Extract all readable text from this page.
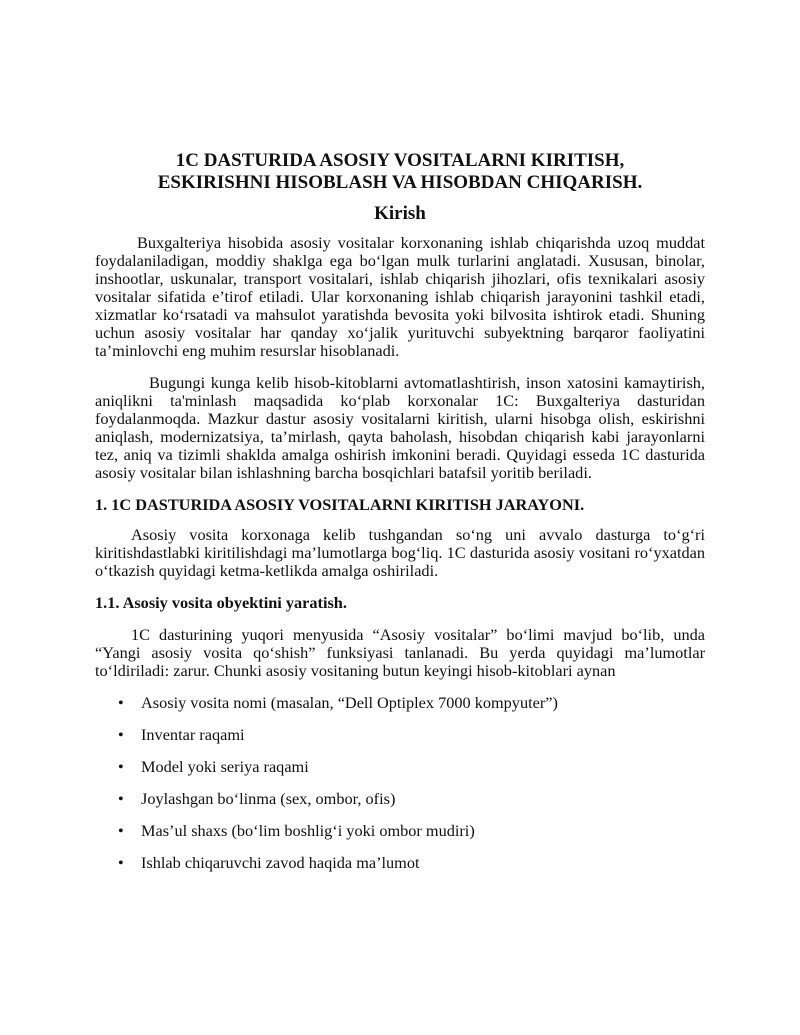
1C DASTURIDA ASOSIY VOSITALARNI KIRITISH,
ESKIRISHNI HISOBLASH VA HISOBDAN CHIQARISH.
Kirish

Buxgalteriya hisobida asosiy vositalar korxonaning ishlab chiqarishda uzoq muddat foydalaniladigan, moddiy shaklga ega bo‘lgan mulk turlarini anglatadi. Xususan, binolar, inshootlar, uskunalar, transport vositalari, ishlab chiqarish jihozlari, ofis texnikalari asosiy vositalar sifatida e’tirof etiladi. Ular korxonaning ishlab chiqarish jarayonini tashkil etadi, xizmatlar ko‘rsatadi va mahsulot yaratishda bevosita yoki bilvosita ishtirok etadi. Shuning uchun asosiy vositalar har qanday xo‘jalik yurituvchi subyektning barqaror faoliyatini ta’minlovchi eng muhim resurslar hisoblanadi.

Bugungi kunga kelib hisob-kitoblarni avtomatlashtirish, inson xatosini kamaytirish, aniqlikni ta'minlash maqsadida ko‘plab korxonalar 1C: Buxgalteriya dasturidan foydalanmoqda. Mazkur dastur asosiy vositalarni kiritish, ularni hisobga olish, eskirishni aniqlash, modernizatsiya, ta’mirlash, qayta baholash, hisobdan chiqarish kabi jarayonlarni tez, aniq va tizimli shaklda amalga oshirish imkonini beradi. Quyidagi esseda 1C dasturida asosiy vositalar bilan ishlashning barcha bosqichlari batafsil yoritib beriladi.

1. 1C DASTURIDA ASOSIY VOSITALARNI KIRITISH JARAYONI.

Asosiy vosita korxonaga kelib tushgandan so‘ng uni avvalo dasturga to‘g‘ri kiritishdastlabki kiritilishdagi ma’lumotlarga bog‘liq. 1C dasturida asosiy vositani ro‘yxatdan o‘tkazish quyidagi ketma-ketlikda amalga oshiriladi.

1.1. Asosiy vosita obyektini yaratish.

1C dasturining yuqori menyusida “Asosiy vositalar” bo‘limi mavjud bo‘lib, unda “Yangi asosiy vosita qo‘shish” funksiyasi tanlanadi. Bu yerda quyidagi ma’lumotlar to‘ldiriladi: zarur. Chunki asosiy vositaning butun keyingi hisob-kitoblari aynan

• Asosiy vosita nomi (masalan, “Dell Optiplex 7000 kompyuter”)
• Inventar raqami
• Model yoki seriya raqami
• Joylashgan bo‘linma (sex, ombor, ofis)
• Mas’ul shaxs (bo‘lim boshlig‘i yoki ombor mudiri)
• Ishlab chiqaruvchi zavod haqida ma’lumot
